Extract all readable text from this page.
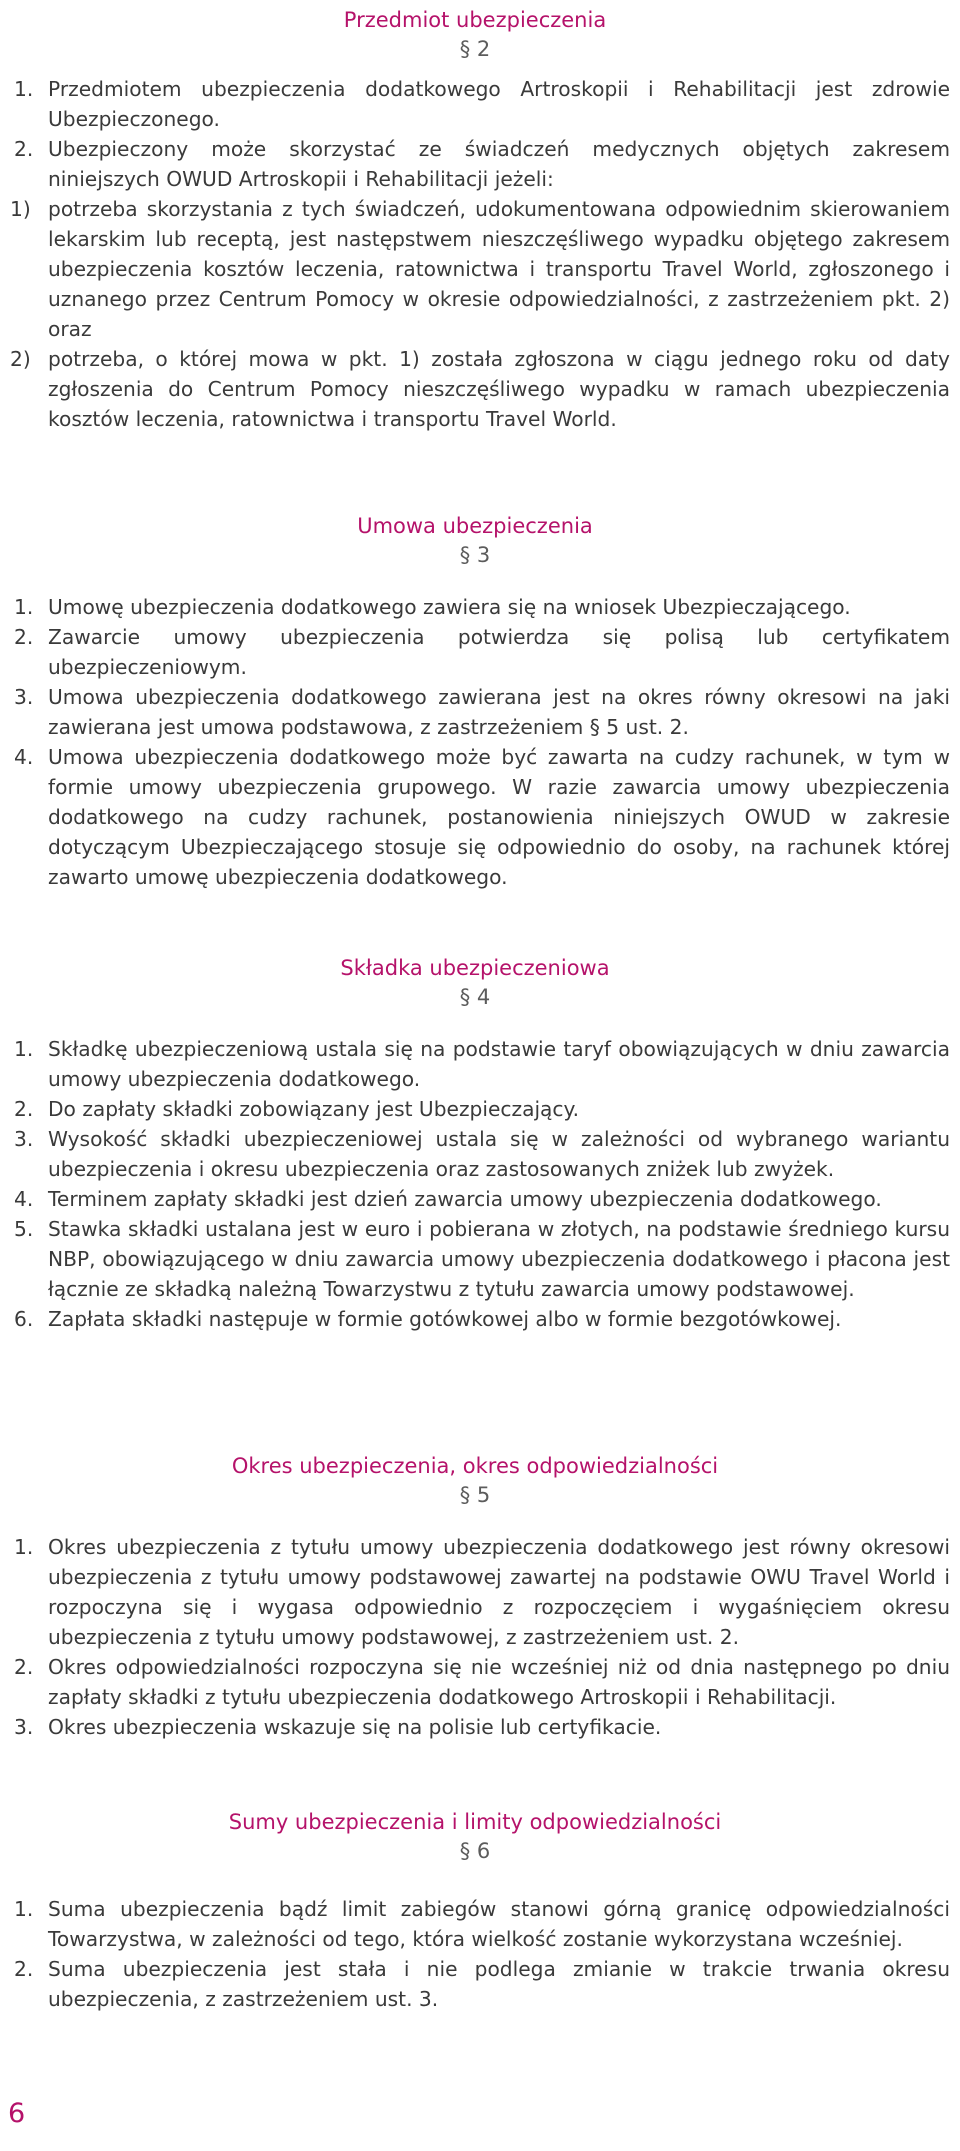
Przedmiot ubezpieczenia
§ 2

1. Przedmiotem ubezpieczenia dodatkowego Artroskopii i Rehabilitacji jest zdrowie Ubezpieczonego.

2. Ubezpieczony może skorzystać ze świadczeń medycznych objętych zakresem niniejszych OWUD Artroskopii i Rehabilitacji jeżeli:

1) potrzeba skorzystania z tych świadczeń, udokumentowana odpowiednim skierowaniem lekarskim lub receptą, jest następstwem nieszczęśliwego wypadku objętego zakresem ubezpieczenia kosztów leczenia, ratownictwa i transportu Travel World, zgłoszonego i uznanego przez Centrum Pomocy w okresie odpowiedzialności, z zastrzeżeniem pkt. 2) oraz

2) potrzeba, o której mowa w pkt. 1) została zgłoszona w ciągu jednego roku od daty zgłoszenia do Centrum Pomocy nieszczęśliwego wypadku w ramach ubezpieczenia kosztów leczenia, ratownictwa i transportu Travel World.

Umowa ubezpieczenia
§ 3

1. Umowę ubezpieczenia dodatkowego zawiera się na wniosek Ubezpieczającego.

2. Zawarcie umowy ubezpieczenia potwierdza się polisą lub certyfikatem ubezpieczeniowym.

3. Umowa ubezpieczenia dodatkowego zawierana jest na okres równy okresowi na jaki zawierana jest umowa podstawowa, z zastrzeżeniem § 5 ust. 2.

4. Umowa ubezpieczenia dodatkowego może być zawarta na cudzy rachunek, w tym w formie umowy ubezpieczenia grupowego. W razie zawarcia umowy ubezpieczenia dodatkowego na cudzy rachunek, postanowienia niniejszych OWUD w zakresie dotyczącym Ubezpieczającego stosuje się odpowiednio do osoby, na rachunek której zawarto umowę ubezpieczenia dodatkowego.

Składka ubezpieczeniowa
§ 4

1. Składkę ubezpieczeniową ustala się na podstawie taryf obowiązujących w dniu zawarcia umowy ubezpieczenia dodatkowego.

2. Do zapłaty składki zobowiązany jest Ubezpieczający.

3. Wysokość składki ubezpieczeniowej ustala się w zależności od wybranego wariantu ubezpieczenia i okresu ubezpieczenia oraz zastosowanych zniżek lub zwyżek.

4. Terminem zapłaty składki jest dzień zawarcia umowy ubezpieczenia dodatkowego.

5. Stawka składki ustalana jest w euro i pobierana w złotych, na podstawie średniego kursu NBP, obowiązującego w dniu zawarcia umowy ubezpieczenia dodatkowego i płacona jest łącznie ze składką należną Towarzystwu z tytułu zawarcia umowy podstawowej.

6. Zapłata składki następuje w formie gotówkowej albo w formie bezgotówkowej.

Okres ubezpieczenia, okres odpowiedzialności
§ 5

1. Okres ubezpieczenia z tytułu umowy ubezpieczenia dodatkowego jest równy okresowi ubezpieczenia z tytułu umowy podstawowej zawartej na podstawie OWU Travel World i rozpoczyna się i wygasa odpowiednio z rozpoczęciem i wygaśnięciem okresu ubezpieczenia z tytułu umowy podstawowej, z zastrzeżeniem ust. 2.

2. Okres odpowiedzialności rozpoczyna się nie wcześniej niż od dnia następnego po dniu zapłaty składki z tytułu ubezpieczenia dodatkowego Artroskopii i Rehabilitacji.

3. Okres ubezpieczenia wskazuje się na polisie lub certyfikacie.

Sumy ubezpieczenia i limity odpowiedzialności
§ 6

1. Suma ubezpieczenia bądź limit zabiegów stanowi górną granicę odpowiedzialności Towarzystwa, w zależności od tego, która wielkość zostanie wykorzystana wcześniej.

2. Suma ubezpieczenia jest stała i nie podlega zmianie w trakcie trwania okresu ubezpieczenia, z zastrzeżeniem ust. 3.

6
